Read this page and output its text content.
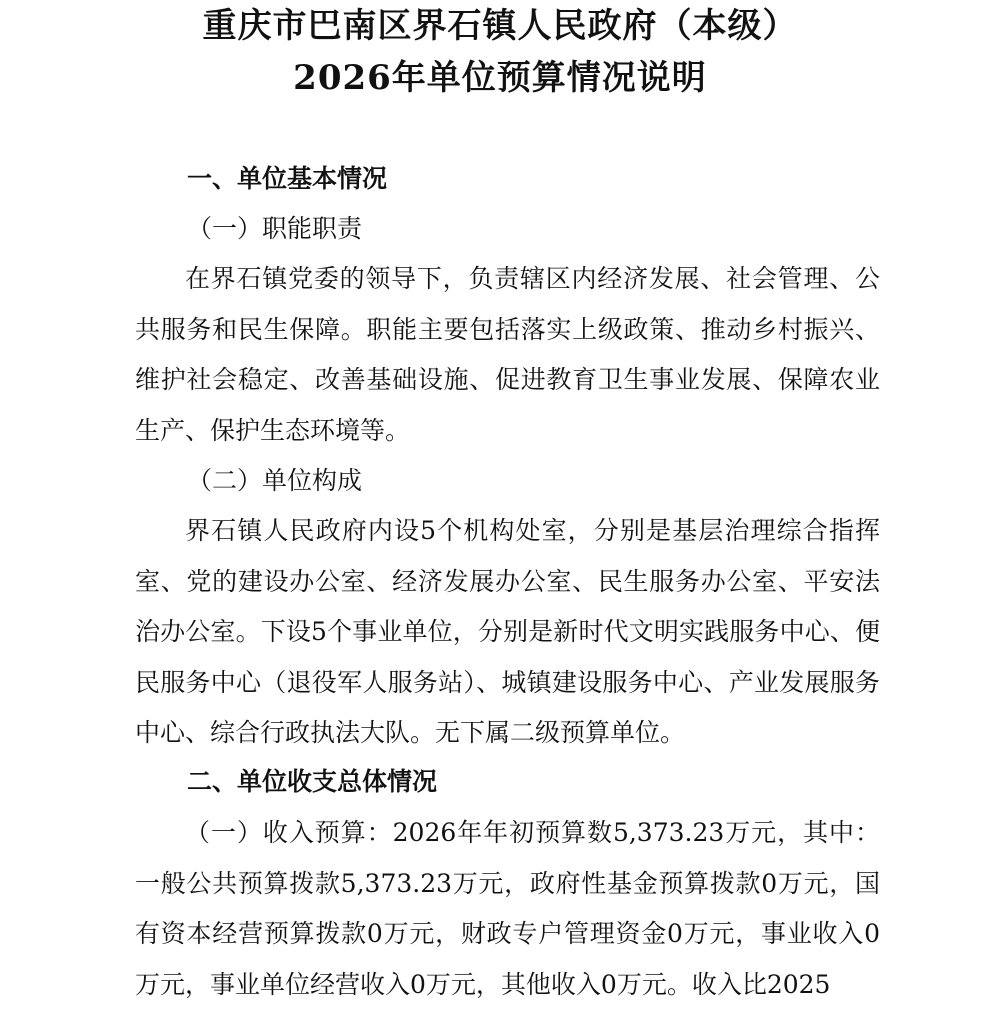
重庆市巴南区界石镇人民政府（本级）
2026年单位预算情况说明
一、单位基本情况
（一）职能职责

在界石镇党委的领导下，负责辖区内经济发展、社会管理、公共服务和民生保障。职能主要包括落实上级政策、推动乡村振兴、维护社会稳定、改善基础设施、促进教育卫生事业发展、保障农业生产、保护生态环境等。

（二）单位构成

界石镇人民政府内设5个机构处室，分别是基层治理综合指挥室、党的建设办公室、经济发展办公室、民生服务办公室、平安法治办公室。下设5个事业单位，分别是新时代文明实践服务中心、便民服务中心（退役军人服务站）、城镇建设服务中心、产业发展服务中心、综合行政执法大队。无下属二级预算单位。

二、单位收支总体情况

（一）收入预算：2026年年初预算数5,373.23万元，其中：一般公共预算拨款5,373.23万元，政府性基金预算拨款0万元，国有资本经营预算拨款0万元，财政专户管理资金0万元，事业收入0万元，事业单位经营收入0万元，其他收入0万元。收入比2025
